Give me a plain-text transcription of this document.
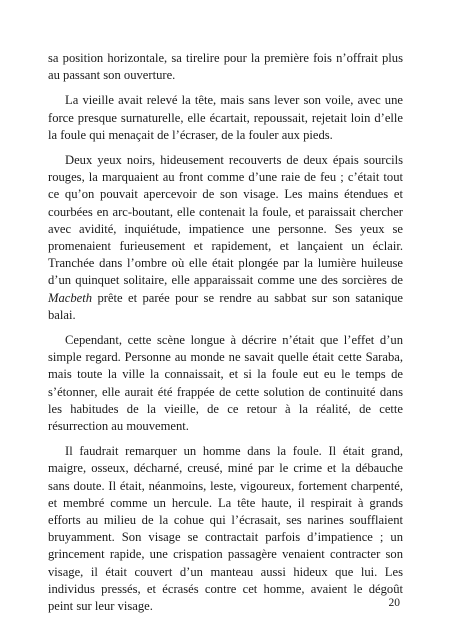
sa position horizontale, sa tirelire pour la première fois n’offrait plus au passant son ouverture.

La vieille avait relevé la tête, mais sans lever son voile, avec une force presque surnaturelle, elle écartait, repoussait, rejetait loin d’elle la foule qui menaçait de l’écraser, de la fouler aux pieds.

Deux yeux noirs, hideusement recouverts de deux épais sourcils rouges, la marquaient au front comme d’une raie de feu ; c’était tout ce qu’on pouvait apercevoir de son visage. Les mains étendues et courbées en arc-boutant, elle contenait la foule, et paraissait chercher avec avidité, inquiétude, impatience une personne. Ses yeux se promenaient furieusement et rapidement, et lançaient un éclair. Tranchée dans l’ombre où elle était plongée par la lumière huileuse d’un quinquet solitaire, elle apparaissait comme une des sorcières de Macbeth prête et parée pour se rendre au sabbat sur son satanique balai.

Cependant, cette scène longue à décrire n’était que l’effet d’un simple regard. Personne au monde ne savait quelle était cette Saraba, mais toute la ville la connaissait, et si la foule eut eu le temps de s’étonner, elle aurait été frappée de cette solution de continuité dans les habitudes de la vieille, de ce retour à la réalité, de cette résurrection au mouvement.

Il faudrait remarquer un homme dans la foule. Il était grand, maigre, osseux, décharné, creusé, miné par le crime et la débauche sans doute. Il était, néanmoins, leste, vigoureux, fortement charpenté, et membré comme un hercule. La tête haute, il respirait à grands efforts au milieu de la cohue qui l’écrasait, ses narines soufflaient bruyamment. Son visage se contractait parfois d’impatience ; un grincement rapide, une crispation passagère venaient contracter son visage, il était couvert d’un manteau aussi hideux que lui. Les individus pressés, et écrasés contre cet homme, avaient le dégoût peint sur leur visage.	20
